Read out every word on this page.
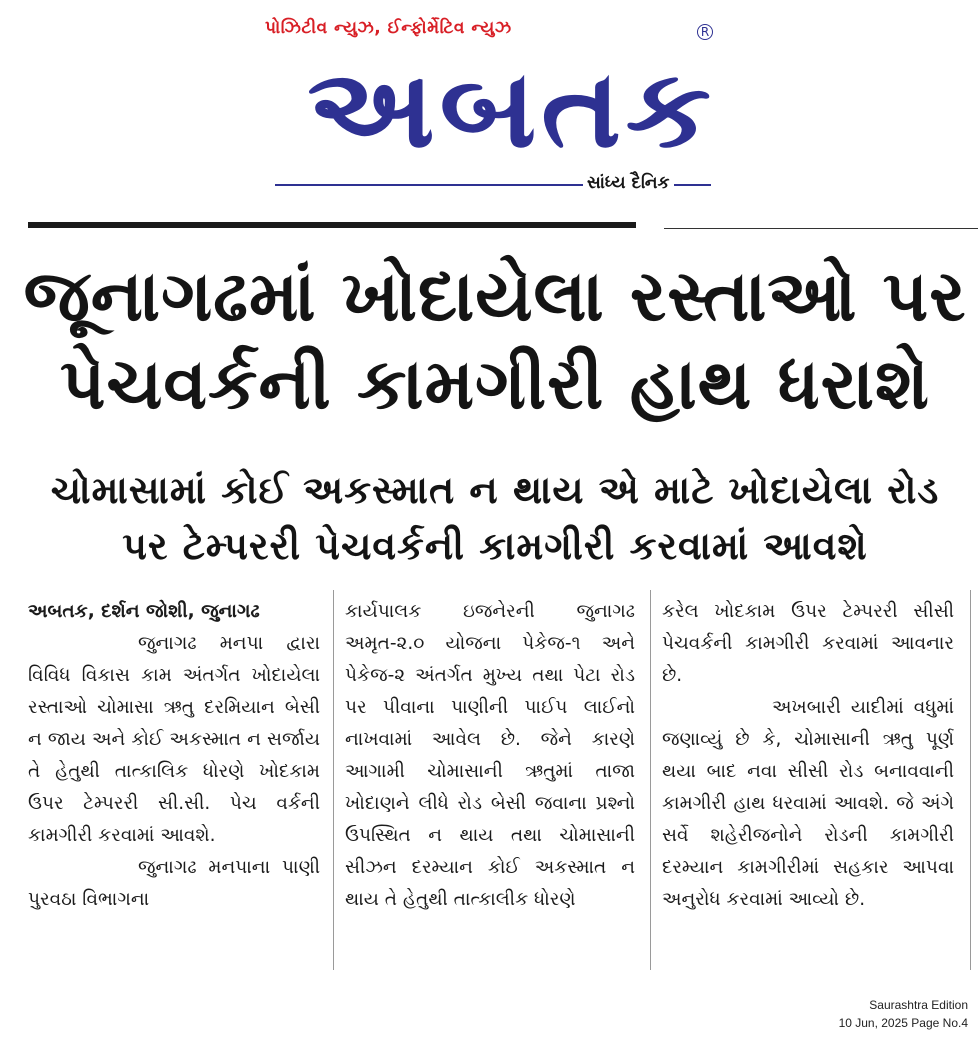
પોઝિટીવ ન્યુઝ, ઈન્ફોર્મેટિવ ન્યુઝ	R
અબતક
સાંધ્ય દૈનિક
જૂનાગઢમાં ખોદાયેલા રસ્તાઓ પર પેચવર્કની કામગીરી હાથ ધરાશે
ચોમાસામાં કોઈ અકસ્માત ન થાય એ માટે ખોદાયેલા રોડ પર ટેમ્પરરી પેચવર્કની કામગીરી કરવામાં આવશે

અબતક, દર્શન જોશી, જુનાગઢ

જુનાગઢ મનપા દ્વારા વિવિધ વિકાસ કામ અંતર્ગત ખોદાયેલા રસ્તાઓ ચોમાસા ઋતુ દરમિયાન બેસી ન જાય અને કોઈ અકસ્માત ન સર્જાય તે હેતુથી તાત્કાલિક ધોરણે ખોદકામ ઉપર ટેમ્પરરી સી.સી. પેચ વર્કની કામગીરી કરવામાં આવશે.

જુનાગઢ મનપાના પાણી પુરવઠા વિભાગના

કાર્યપાલક ઇજનેરની જુનાગઢ અમૃત-૨.૦ યોજના પેકેજ-૧ અને પેકેજ-૨ અંતર્ગત મુખ્ય તથા પેટા રોડ પર પીવાના પાણીની પાઈપ લાઈનો નાખવામાં આવેલ છે. જેને કારણે આગામી ચોમાસાની ઋતુમાં તાજા ખોદાણને લીધે રોડ બેસી જવાના પ્રશ્નો ઉપસ્થિત ન થાય તથા ચોમાસાની સીઝન દરમ્યાન કોઈ અકસ્માત ન થાય તે હેતુથી તાત્કાલીક ધોરણે

કરેલ ખોદકામ ઉપર ટેમ્પરરી સીસી પેચવર્કની કામગીરી કરવામાં આવનાર છે.

અખબારી યાદીમાં વધુમાં જણાવ્યું છે કે, ચોમાસાની ઋતુ પૂર્ણ થયા બાદ નવા સીસી રોડ બનાવવાની કામગીરી હાથ ધરવામાં આવશે. જે અંગે સર્વે શહેરીજનોને રોડની કામગીરી દરમ્યાન કામગીરીમાં સહકાર આપવા અનુરોધ કરવામાં આવ્યો છે.

Saurashtra Edition
10 Jun, 2025 Page No.4
